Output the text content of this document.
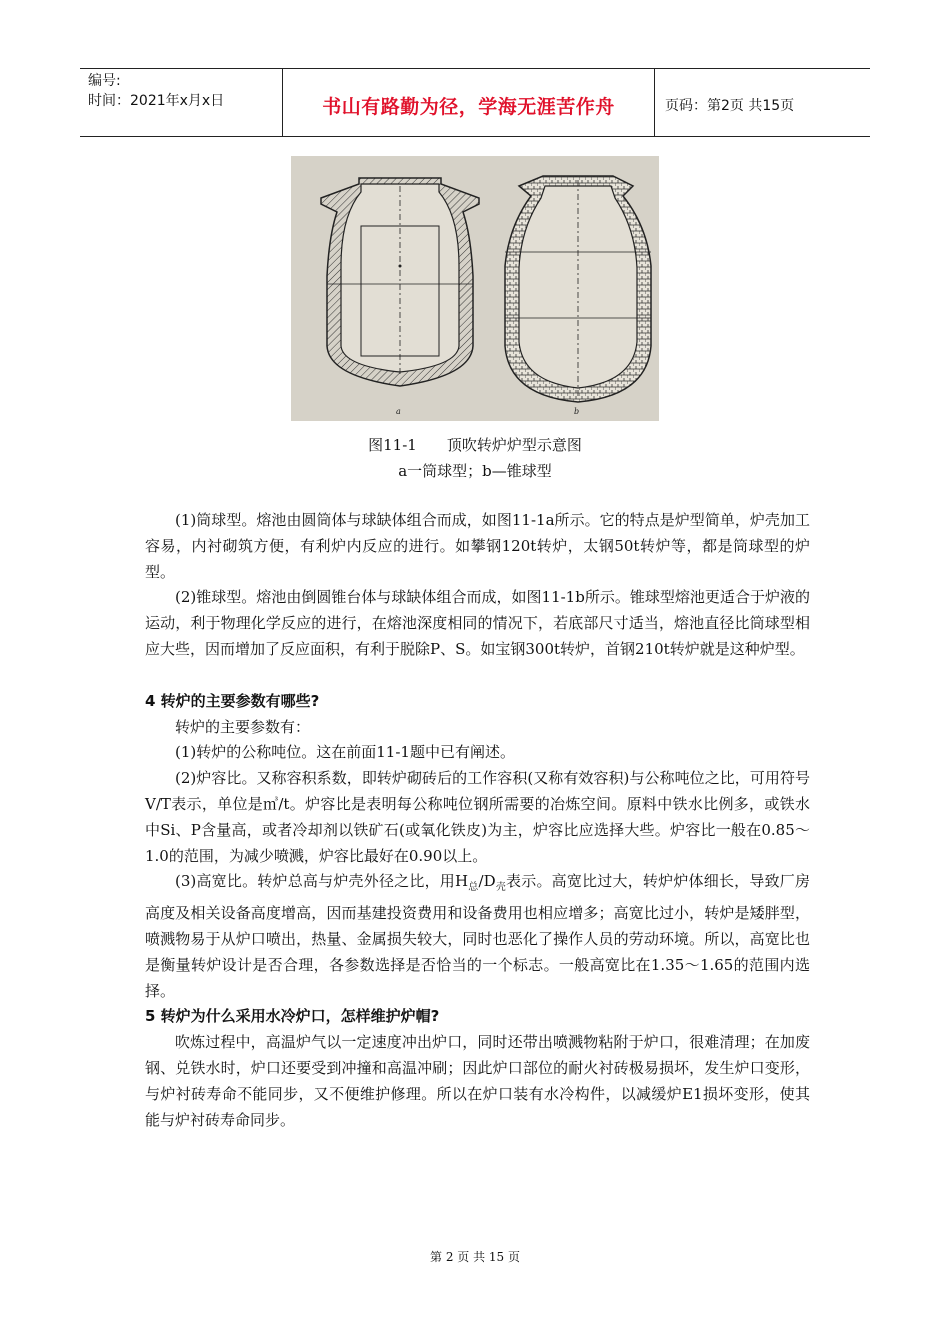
编号:
时间：2021年x月x日	书山有路勤为径，学海无涯苦作舟	页码：第2页 共15页
a	b
图11-1　　顶吹转炉炉型示意图
a一筒球型；b—锥球型

(1)筒球型。熔池由圆筒体与球缺体组合而成，如图11-1a所示。它的特点是炉型简单，炉壳加工容易，内衬砌筑方便，有利炉内反应的进行。如攀钢120t转炉，太钢50t转炉等，都是筒球型的炉型。

(2)锥球型。熔池由倒圆锥台体与球缺体组合而成，如图11-1b所示。锥球型熔池更适合于炉液的运动，利于物理化学反应的进行，在熔池深度相同的情况下，若底部尺寸适当，熔池直径比筒球型相应大些，因而增加了反应面积，有利于脱除P、S。如宝钢300t转炉，首钢210t转炉就是这种炉型。

4 转炉的主要参数有哪些?

转炉的主要参数有：

(1)转炉的公称吨位。这在前面11-1题中已有阐述。

(2)炉容比。又称容积系数，即转炉砌砖后的工作容积(又称有效容积)与公称吨位之比，可用符号V/T表示，单位是㎥/t。炉容比是表明每公称吨位钢所需要的冶炼空间。原料中铁水比例多，或铁水中Si、P含量高，或者冷却剂以铁矿石(或氧化铁皮)为主，炉容比应选择大些。炉容比一般在0.85～1.0的范围，为减少喷溅，炉容比最好在0.90以上。

(3)高宽比。转炉总高与炉壳外径之比，用$H_总/D_壳$表示。高宽比过大，转炉炉体细长，导致厂房高度及相关设备高度增高，因而基建投资费用和设备费用也相应增多；高宽比过小，转炉是矮胖型，喷溅物易于从炉口喷出，热量、金属损失较大，同时也恶化了操作人员的劳动环境。所以，高宽比也是衡量转炉设计是否合理，各参数选择是否恰当的一个标志。一般高宽比在1.35～1.65的范围内选择。

5 转炉为什么采用水冷炉口，怎样维护炉帽?

吹炼过程中，高温炉气以一定速度冲出炉口，同时还带出喷溅物粘附于炉口，很难清理；在加废钢、兑铁水时，炉口还要受到冲撞和高温冲刷；因此炉口部位的耐火衬砖极易损坏，发生炉口变形，与炉衬砖寿命不能同步，又不便维护修理。所以在炉口装有水冷构件，以减缓炉E1损坏变形，使其能与炉衬砖寿命同步。

第 2 页 共 15 页
